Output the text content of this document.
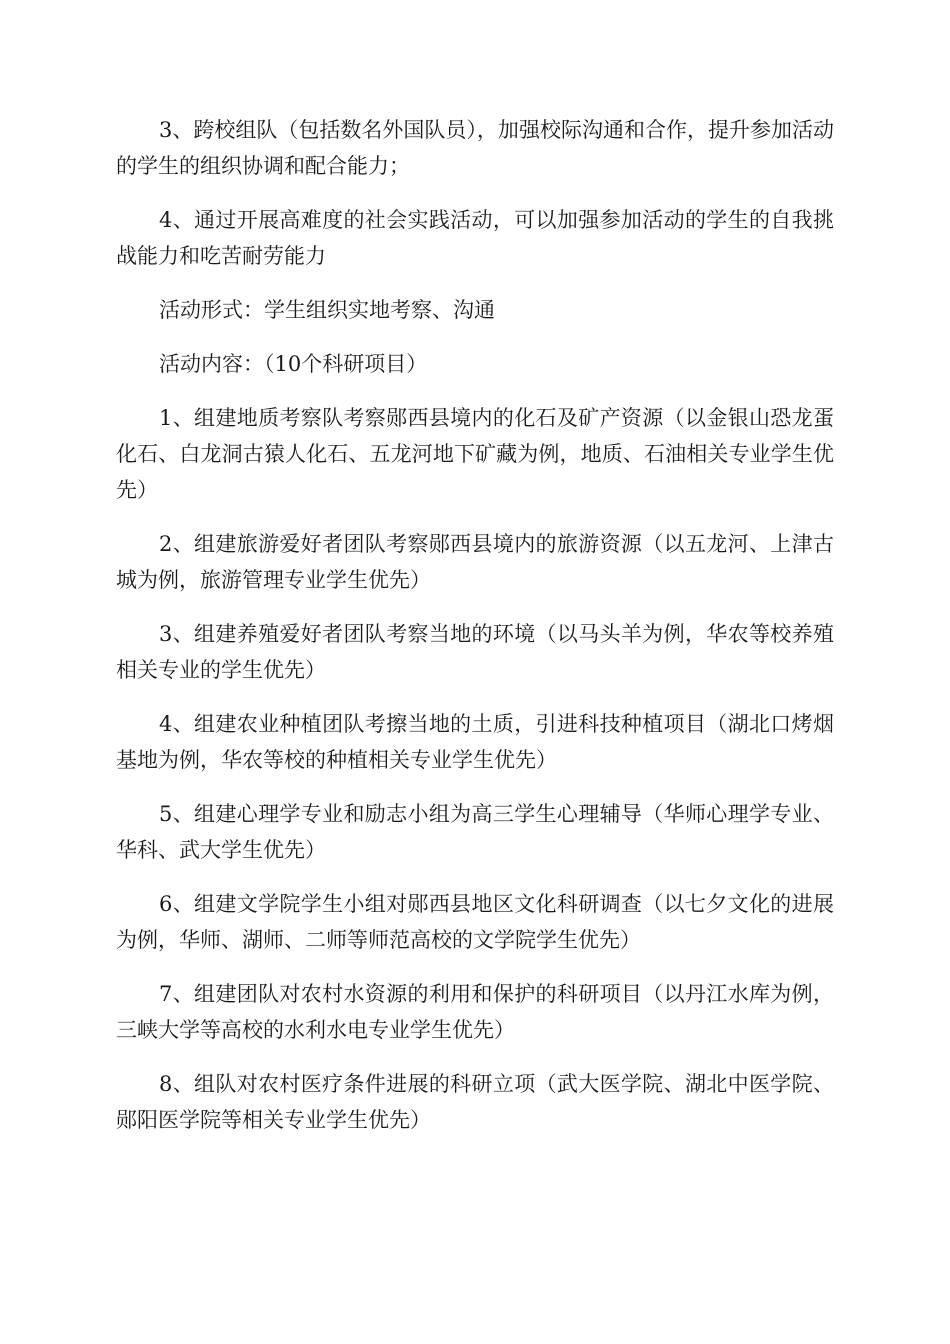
3、跨校组队（包括数名外国队员），加强校际沟通和合作，提升参加活动的学生的组织协调和配合能力；

4、通过开展高难度的社会实践活动，可以加强参加活动的学生的自我挑战能力和吃苦耐劳能力

活动形式：学生组织实地考察、沟通

活动内容：（10个科研项目）

1、组建地质考察队考察郧西县境内的化石及矿产资源（以金银山恐龙蛋化石、白龙洞古猿人化石、五龙河地下矿藏为例，地质、石油相关专业学生优先）

2、组建旅游爱好者团队考察郧西县境内的旅游资源（以五龙河、上津古城为例，旅游管理专业学生优先）

3、组建养殖爱好者团队考察当地的环境（以马头羊为例，华农等校养殖相关专业的学生优先）

4、组建农业种植团队考擦当地的土质，引进科技种植项目（湖北口烤烟基地为例，华农等校的种植相关专业学生优先）

5、组建心理学专业和励志小组为高三学生心理辅导（华师心理学专业、华科、武大学生优先）

6、组建文学院学生小组对郧西县地区文化科研调查（以七夕文化的进展为例，华师、湖师、二师等师范高校的文学院学生优先）

7、组建团队对农村水资源的利用和保护的科研项目（以丹江水库为例，三峡大学等高校的水利水电专业学生优先）

8、组队对农村医疗条件进展的科研立项（武大医学院、湖北中医学院、郧阳医学院等相关专业学生优先）
